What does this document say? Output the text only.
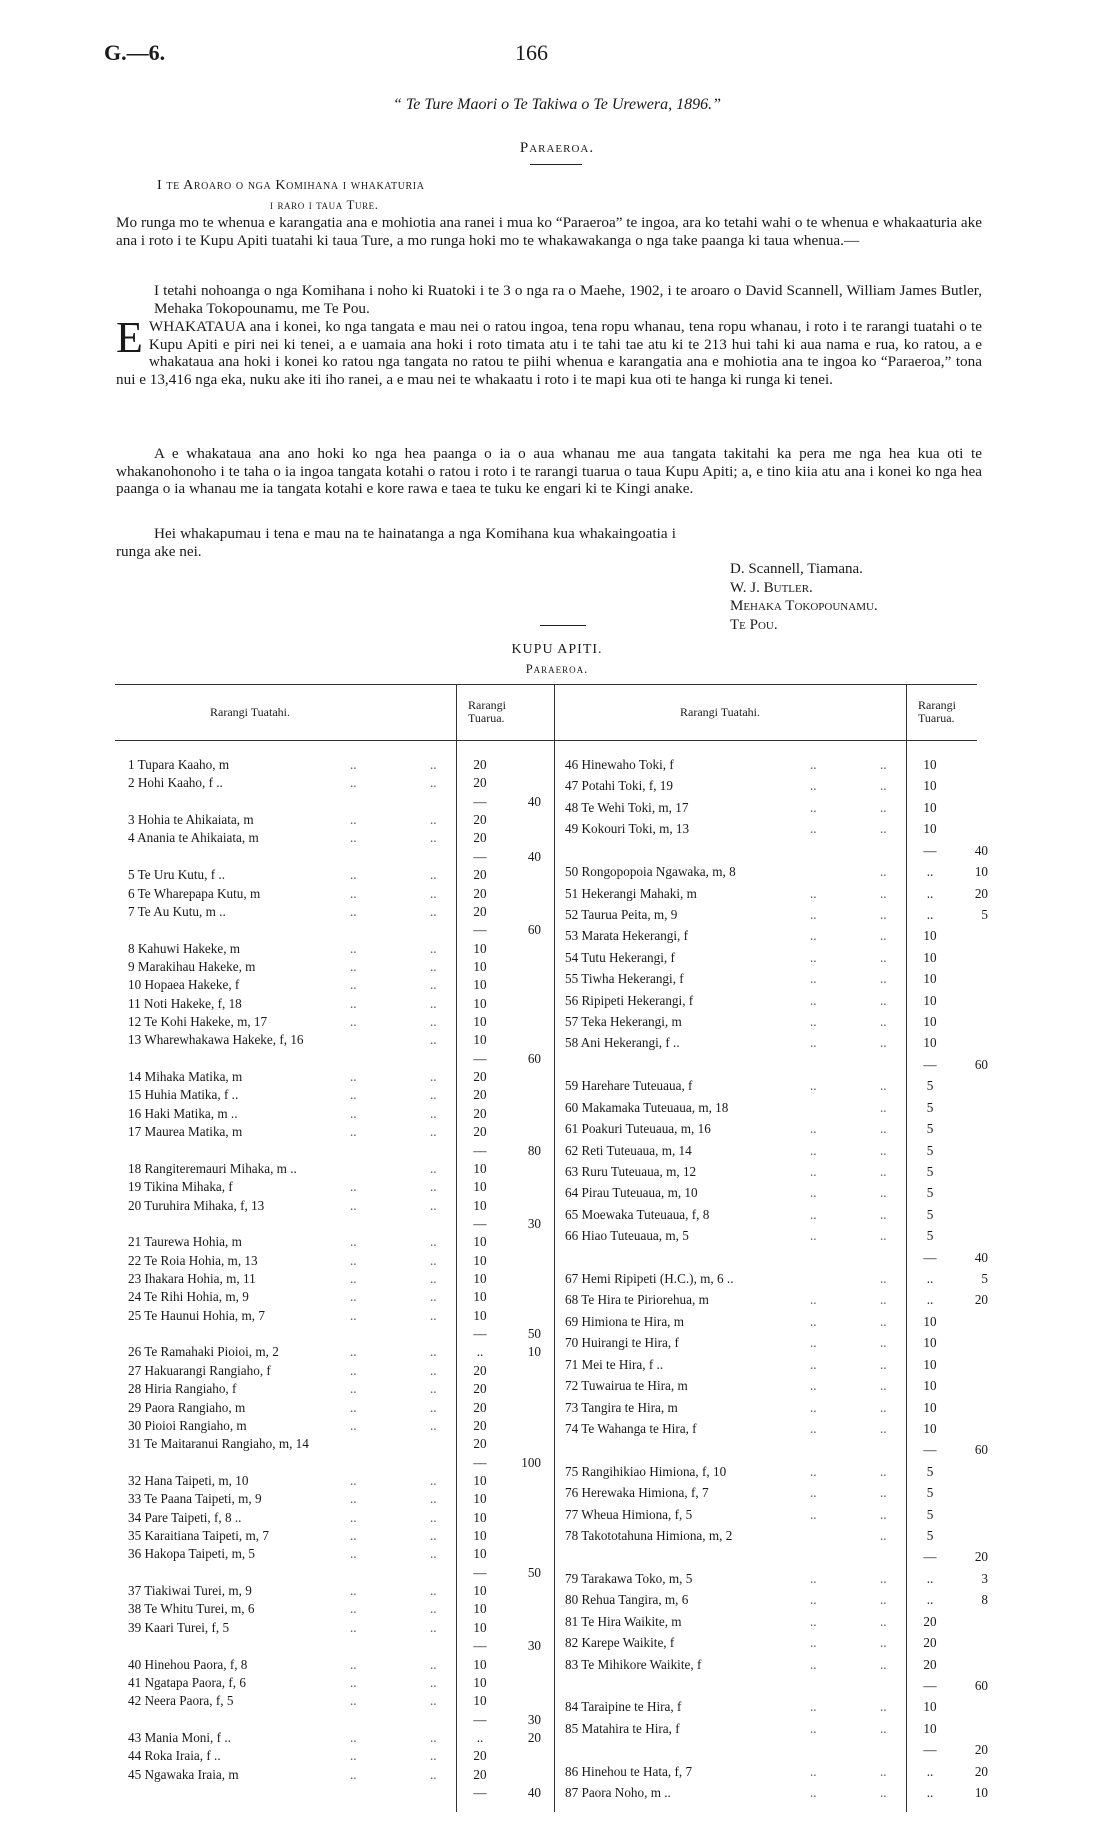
G.—6.	166
“ Te Ture Maori o Te Takiwa o Te Urewera, 1896.”
Paraeroa.
I te Aroaro o nga Komihana i whakaturia
i raro i taua Ture.
Mo runga mo te whenua e karangatia ana e mohiotia ana ranei i mua ko “Paraeroa” te ingoa, ara ko tetahi wahi o te whenua e whakaaturia ake ana i roto i te Kupu Apiti tuatahi ki taua Ture, a mo runga hoki mo te whakawakanga o nga take paanga ki taua whenua.—
I tetahi nohoanga o nga Komihana i noho ki Ruatoki i te 3 o nga ra o Maehe, 1902, i te aroaro o David Scannell, William James Butler, Mehaka Tokopounamu, me Te Pou.
EWHAKATAUA ana i konei, ko nga tangata e mau nei o ratou ingoa, tena ropu whanau, tena ropu whanau, i roto i te rarangi tuatahi o te Kupu Apiti e piri nei ki tenei, a e uamaia ana hoki i roto timata atu i te tahi tae atu ki te 213 hui tahi ki aua nama e rua, ko ratou, a e whakataua ana hoki i konei ko ratou nga tangata no ratou te piihi whenua e karangatia ana e mohiotia ana te ingoa ko “Paraeroa,” tona nui e 13,416 nga eka, nuku ake iti iho ranei, a e mau nei te whakaatu i roto i te mapi kua oti te hanga ki runga ki tenei.
A e whakataua ana ano hoki ko nga hea paanga o ia o aua whanau me aua tangata takitahi ka pera me nga hea kua oti te whakanohonoho i te taha o ia ingoa tangata kotahi o ratou i roto i te rarangi tuarua o taua Kupu Apiti; a, e tino kiia atu ana i konei ko nga hea paanga o ia whanau me ia tangata kotahi e kore rawa e taea te tuku ke engari ki te Kingi anake.
Hei whakapumau i tena e mau na te hainatanga a nga Komihana kua whakaingoatia i runga ake nei.
D. Scannell, Tiamana.
W. J. Butler.
Mehaka Tokopounamu.
Te Pou.
KUPU APITI.
Paraeroa.
Rarangi Tuatahi.	Rarangi
Tuarua.	Rarangi Tuatahi.	Rarangi
Tuarua.
1 Tupara Kaaho, m	..	..	20
2 Hohi Kaaho, f ..	..	..	20
—	40
3 Hohia te Ahikaiata, m	..	..	20
4 Anania te Ahikaiata, m	..	..	20
—	40
5 Te Uru Kutu, f ..	..	..	20
6 Te Wharepapa Kutu, m	..	..	20
7 Te Au Kutu, m ..	..	..	20
—	60
8 Kahuwi Hakeke, m	..	..	10
9 Marakihau Hakeke, m	..	..	10
10 Hopaea Hakeke, f	..	..	10
11 Noti Hakeke, f, 18	..	..	10
12 Te Kohi Hakeke, m, 17	..	..	10
13 Wharewhakawa Hakeke, f, 16	..	10
—	60
14 Mihaka Matika, m	..	..	20
15 Huhia Matika, f ..	..	..	20
16 Haki Matika, m ..	..	..	20
17 Maurea Matika, m	..	..	20
—	80
18 Rangiteremauri Mihaka, m ..	..	10
19 Tikina Mihaka, f	..	..	10
20 Turuhira Mihaka, f, 13	..	..	10
—	30
21 Taurewa Hohia, m	..	..	10
22 Te Roia Hohia, m, 13	..	..	10
23 Ihakara Hohia, m, 11	..	..	10
24 Te Rihi Hohia, m, 9	..	..	10
25 Te Haunui Hohia, m, 7	..	..	10
—	50
26 Te Ramahaki Pioioi, m, 2	..	..	..	10
27 Hakuarangi Rangiaho, f	..	..	20
28 Hiria Rangiaho, f	..	..	20
29 Paora Rangiaho, m	..	..	20
30 Pioioi Rangiaho, m	..	..	20
31 Te Maitaranui Rangiaho, m, 14	20
—	100
32 Hana Taipeti, m, 10	..	..	10
33 Te Paana Taipeti, m, 9	..	..	10
34 Pare Taipeti, f, 8 ..	..	..	10
35 Karaitiana Taipeti, m, 7	..	..	10
36 Hakopa Taipeti, m, 5	..	..	10
—	50
37 Tiakiwai Turei, m, 9	..	..	10
38 Te Whitu Turei, m, 6	..	..	10
39 Kaari Turei, f, 5	..	..	10
—	30
40 Hinehou Paora, f, 8	..	..	10
41 Ngatapa Paora, f, 6	..	..	10
42 Neera Paora, f, 5	..	..	10
—	30
43 Mania Moni, f ..	..	..	..	20
44 Roka Iraia, f ..	..	..	20
45 Ngawaka Iraia, m	..	..	20
—	40
46 Hinewaho Toki, f	..	..	10
47 Potahi Toki, f, 19	..	..	10
48 Te Wehi Toki, m, 17	..	..	10
49 Kokouri Toki, m, 13	..	..	10
—	40
50 Rongopopoia Ngawaka, m, 8	..	..	10
51 Hekerangi Mahaki, m	..	..	..	20
52 Taurua Peita, m, 9	..	..	..	5
53 Marata Hekerangi, f	..	..	10
54 Tutu Hekerangi, f	..	..	10
55 Tiwha Hekerangi, f	..	..	10
56 Ripipeti Hekerangi, f	..	..	10
57 Teka Hekerangi, m	..	..	10
58 Ani Hekerangi, f ..	..	..	10
—	60
59 Harehare Tuteuaua, f	..	..	5
60 Makamaka Tuteuaua, m, 18	..	5
61 Poakuri Tuteuaua, m, 16	..	..	5
62 Reti Tuteuaua, m, 14	..	..	5
63 Ruru Tuteuaua, m, 12	..	..	5
64 Pirau Tuteuaua, m, 10	..	..	5
65 Moewaka Tuteuaua, f, 8	..	..	5
66 Hiao Tuteuaua, m, 5	..	..	5
—	40
67 Hemi Ripipeti (H.C.), m, 6 ..	..	..	5
68 Te Hira te Piriorehua, m	..	..	..	20
69 Himiona te Hira, m	..	..	10
70 Huirangi te Hira, f	..	..	10
71 Mei te Hira, f ..	..	..	10
72 Tuwairua te Hira, m	..	..	10
73 Tangira te Hira, m	..	..	10
74 Te Wahanga te Hira, f	..	..	10
—	60
75 Rangihikiao Himiona, f, 10	..	..	5
76 Herewaka Himiona, f, 7	..	..	5
77 Wheua Himiona, f, 5	..	..	5
78 Takototahuna Himiona, m, 2	..	5
—	20
79 Tarakawa Toko, m, 5	..	..	..	3
80 Rehua Tangira, m, 6	..	..	..	8
81 Te Hira Waikite, m	..	..	20
82 Karepe Waikite, f	..	..	20
83 Te Mihikore Waikite, f	..	..	20
—	60
84 Taraipine te Hira, f	..	..	10
85 Matahira te Hira, f	..	..	10
—	20
86 Hinehou te Hata, f, 7	..	..	..	20
87 Paora Noho, m ..	..	..	..	10
